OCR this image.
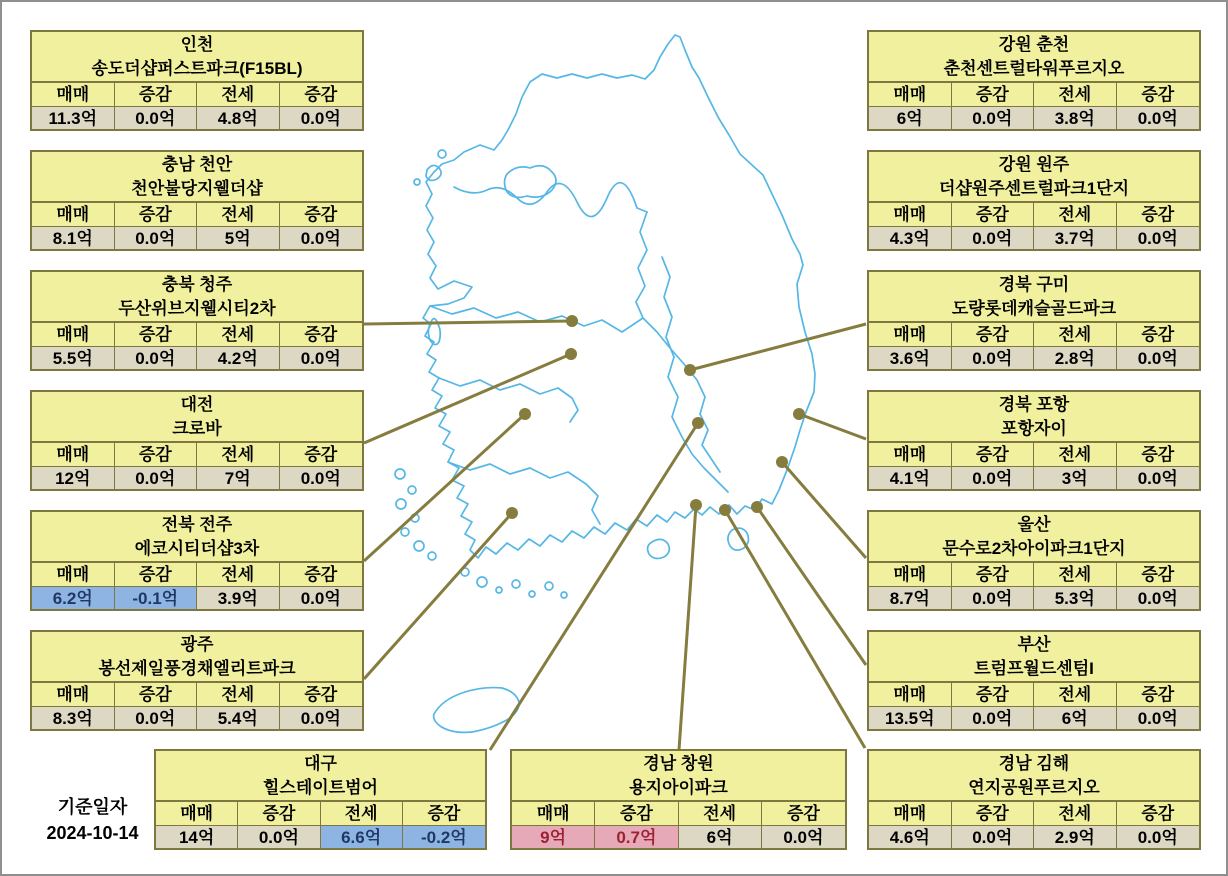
인천
송도더샵퍼스트파크(F15BL)
매매	증감	전세	증감
11.3억	0.0억	4.8억	0.0억
충남 천안
천안불당지웰더샵
매매	증감	전세	증감
8.1억	0.0억	5억	0.0억
충북 청주
두산위브지웰시티2차
매매	증감	전세	증감
5.5억	0.0억	4.2억	0.0억
대전
크로바
매매	증감	전세	증감
12억	0.0억	7억	0.0억
전북 전주
에코시티더샵3차
매매	증감	전세	증감
6.2억	-0.1억	3.9억	0.0억
광주
봉선제일풍경채엘리트파크
매매	증감	전세	증감
8.3억	0.0억	5.4억	0.0억
강원 춘천
춘천센트럴타워푸르지오
매매	증감	전세	증감
6억	0.0억	3.8억	0.0억
강원 원주
더샵원주센트럴파크1단지
매매	증감	전세	증감
4.3억	0.0억	3.7억	0.0억
경북 구미
도량롯데캐슬골드파크
매매	증감	전세	증감
3.6억	0.0억	2.8억	0.0억
경북 포항
포항자이
매매	증감	전세	증감
4.1억	0.0억	3억	0.0억
울산
문수로2차아이파크1단지
매매	증감	전세	증감
8.7억	0.0억	5.3억	0.0억
부산
트럼프월드센텀I
매매	증감	전세	증감
13.5억	0.0억	6억	0.0억
대구
힐스테이트범어
매매	증감	전세	증감
14억	0.0억	6.6억	-0.2억
경남 창원
용지아이파크
매매	증감	전세	증감
9억	0.7억	6억	0.0억
경남 김해
연지공원푸르지오
매매	증감	전세	증감
4.6억	0.0억	2.9억	0.0억
기준일자
2024-10-14
